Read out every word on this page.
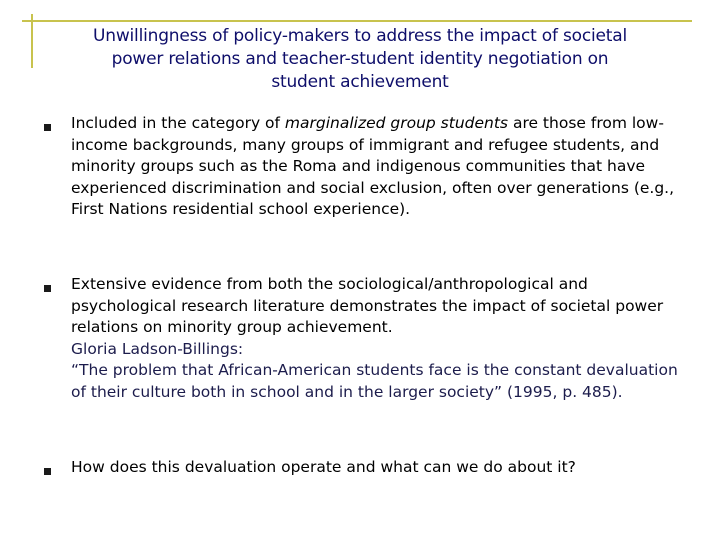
Unwillingness of policy-makers to address the impact of societal
power relations and teacher-student identity negotiation on
student achievement

Included in the category of marginalized group students are those from low-income backgrounds, many groups of immigrant and refugee students, and minority groups such as the Roma and indigenous communities that have experienced discrimination and social exclusion, often over generations (e.g., First Nations residential school experience).

Extensive evidence from both the sociological/anthropological and psychological research literature demonstrates the impact of societal power relations on minority group achievement.

Gloria Ladson-Billings:

“The problem that African-American students face is the constant devaluation of their culture both in school and in the larger society” (1995, p. 485).

How does this devaluation operate and what can we do about it?
